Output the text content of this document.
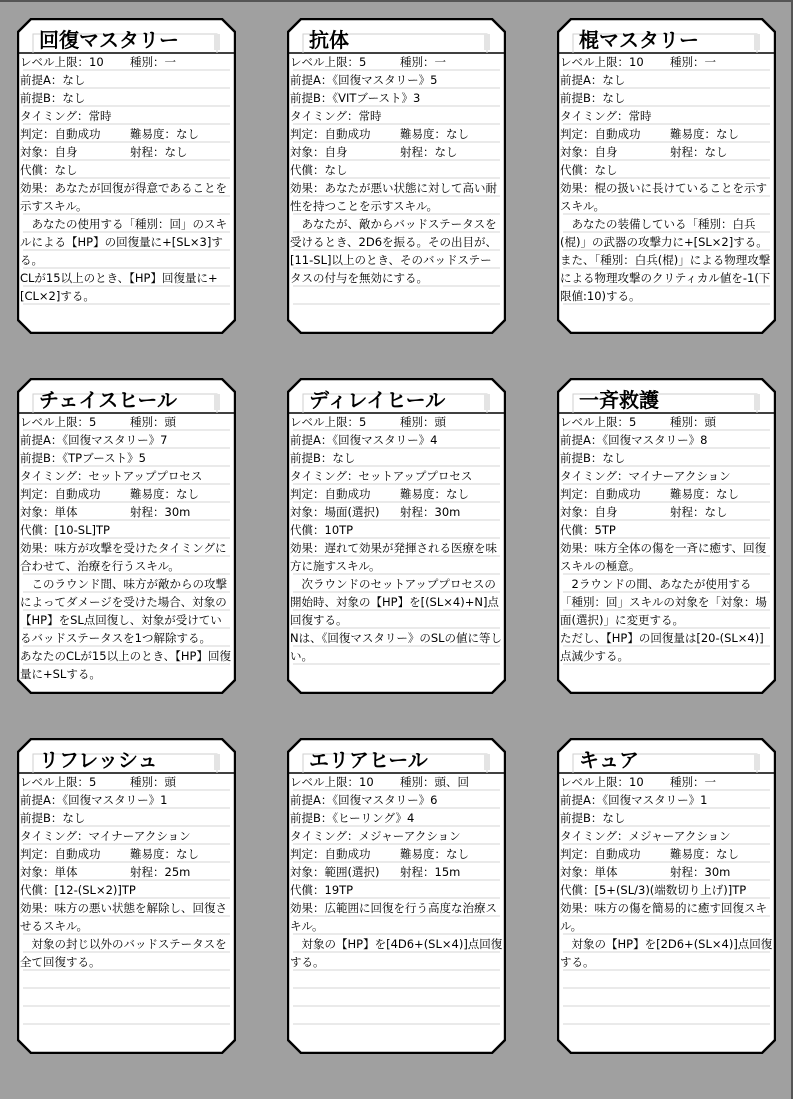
回復マスタリー
レベル上限：10 種別：一
前提A：なし
前提B：なし
タイミング：常時
判定：自動成功	難易度：なし
対象：自身	射程：なし
代償：なし

効果：あなたが回復が得意であることを示すスキル。

　あなたの使用する「種別：回」のスキルによる【HP】の回復量に+[SL×3]する。

CLが15以上のとき、【HP】回復量に+[CL×2]する。

抗体
レベル上限：5	種別：一
前提A：《回復マスタリー》5
前提B：《VITブースト》3
タイミング：常時
判定：自動成功	難易度：なし
対象：自身	射程：なし
代償：なし

効果：あなたが悪い状態に対して高い耐性を持つことを示すスキル。

　あなたが、敵からバッドステータスを受けるとき、2D6を振る。その出目が、[11-SL]以上のとき、そのバッドステータスの付与を無効にする。

棍マスタリー
レベル上限：10 種別：一
前提A：なし
前提B：なし
タイミング：常時
判定：自動成功	難易度：なし
対象：自身	射程：なし
代償：なし

効果：棍の扱いに長けていることを示すスキル。

　あなたの装備している「種別：白兵(棍)」の武器の攻撃力に+[SL×2]する。また、「種別：白兵(棍)」による物理攻撃による物理攻撃のクリティカル値を-1(下限値:10)する。

チェイスヒール
レベル上限：5	種別：頭
前提A：《回復マスタリー》7
前提B：《TPブースト》5
タイミング：セットアッププロセス
判定：自動成功	難易度：なし
対象：単体	射程：30m
代償：[10-SL]TP

効果：味方が攻撃を受けたタイミングに合わせて、治療を行うスキル。

　このラウンド間、味方が敵からの攻撃によってダメージを受けた場合、対象の【HP】をSL点回復し、対象が受けているバッドステータスを1つ解除する。

あなたのCLが15以上のとき、【HP】回復量に+SLする。

ディレイヒール
レベル上限：5	種別：頭
前提A：《回復マスタリー》4
前提B：なし
タイミング：セットアッププロセス
判定：自動成功	難易度：なし
対象：場面(選択) 射程：30m
代償：10TP

効果：遅れて効果が発揮される医療を味方に施すスキル。

　次ラウンドのセットアッププロセスの開始時、対象の【HP】を[(SL×4)+N]点回復する。

Nは、《回復マスタリー》のSLの値に等しい。

一斉救護
レベル上限：5	種別：頭
前提A：《回復マスタリー》8
前提B：なし
タイミング：マイナーアクション
判定：自動成功	難易度：なし
対象：自身	射程：なし
代償：5TP

効果：味方全体の傷を一斉に癒す、回復スキルの極意。

　2ラウンドの間、あなたが使用する「種別：回」スキルの対象を「対象：場面(選択)」に変更する。

ただし、【HP】の回復量は[20-(SL×4)]点減少する。

リフレッシュ
レベル上限：5	種別：頭
前提A：《回復マスタリー》1
前提B：なし
タイミング：マイナーアクション
判定：自動成功	難易度：なし
対象：単体	射程：25m
代償：[12-(SL×2)]TP

効果：味方の悪い状態を解除し、回復させるスキル。

　対象の封じ以外のバッドステータスを全て回復する。

エリアヒール
レベル上限：10 種別：頭、回
前提A：《回復マスタリー》6
前提B：《ヒーリング》4
タイミング：メジャーアクション
判定：自動成功	難易度：なし
対象：範囲(選択) 射程：15m
代償：19TP

効果：広範囲に回復を行う高度な治療スキル。

　対象の【HP】を[4D6+(SL×4)]点回復する。

キュア
レベル上限：10 種別：一
前提A：《回復マスタリー》1
前提B：なし
タイミング：メジャーアクション
判定：自動成功	難易度：なし
対象：単体	射程：30m
代償：[5+(SL/3)(端数切り上げ)]TP

効果：味方の傷を簡易的に癒す回復スキル。

　対象の【HP】を[2D6+(SL×4)]点回復する。
